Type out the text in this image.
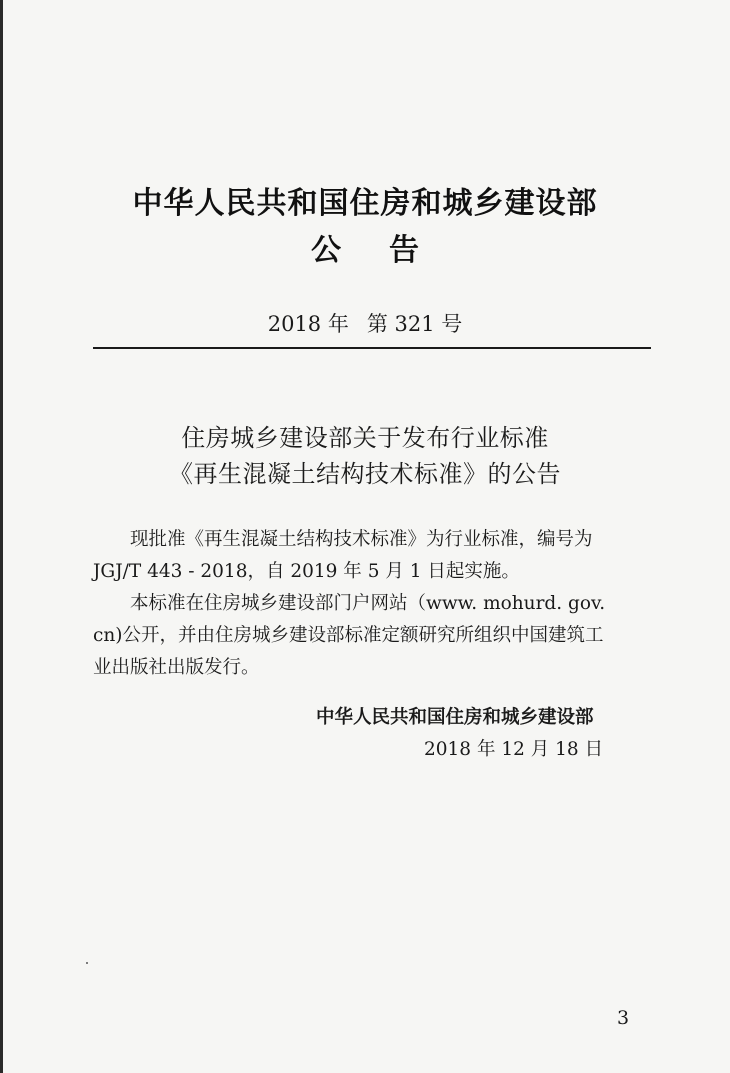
中华人民共和国住房和城乡建设部
公告
2018 年 第 321 号
住房城乡建设部关于发布行业标准
《再生混凝土结构技术标准》的公告
现批准《再生混凝土结构技术标准》为行业标准，编号为
JGJ/T 443 - 2018，自 2019 年 5 月 1 日起实施。
本标准在住房城乡建设部门户网站（www. mohurd. gov.
cn)公开，并由住房城乡建设部标准定额研究所组织中国建筑工
业出版社出版发行。
中华人民共和国住房和城乡建设部
2018 年 12 月 18 日
3
